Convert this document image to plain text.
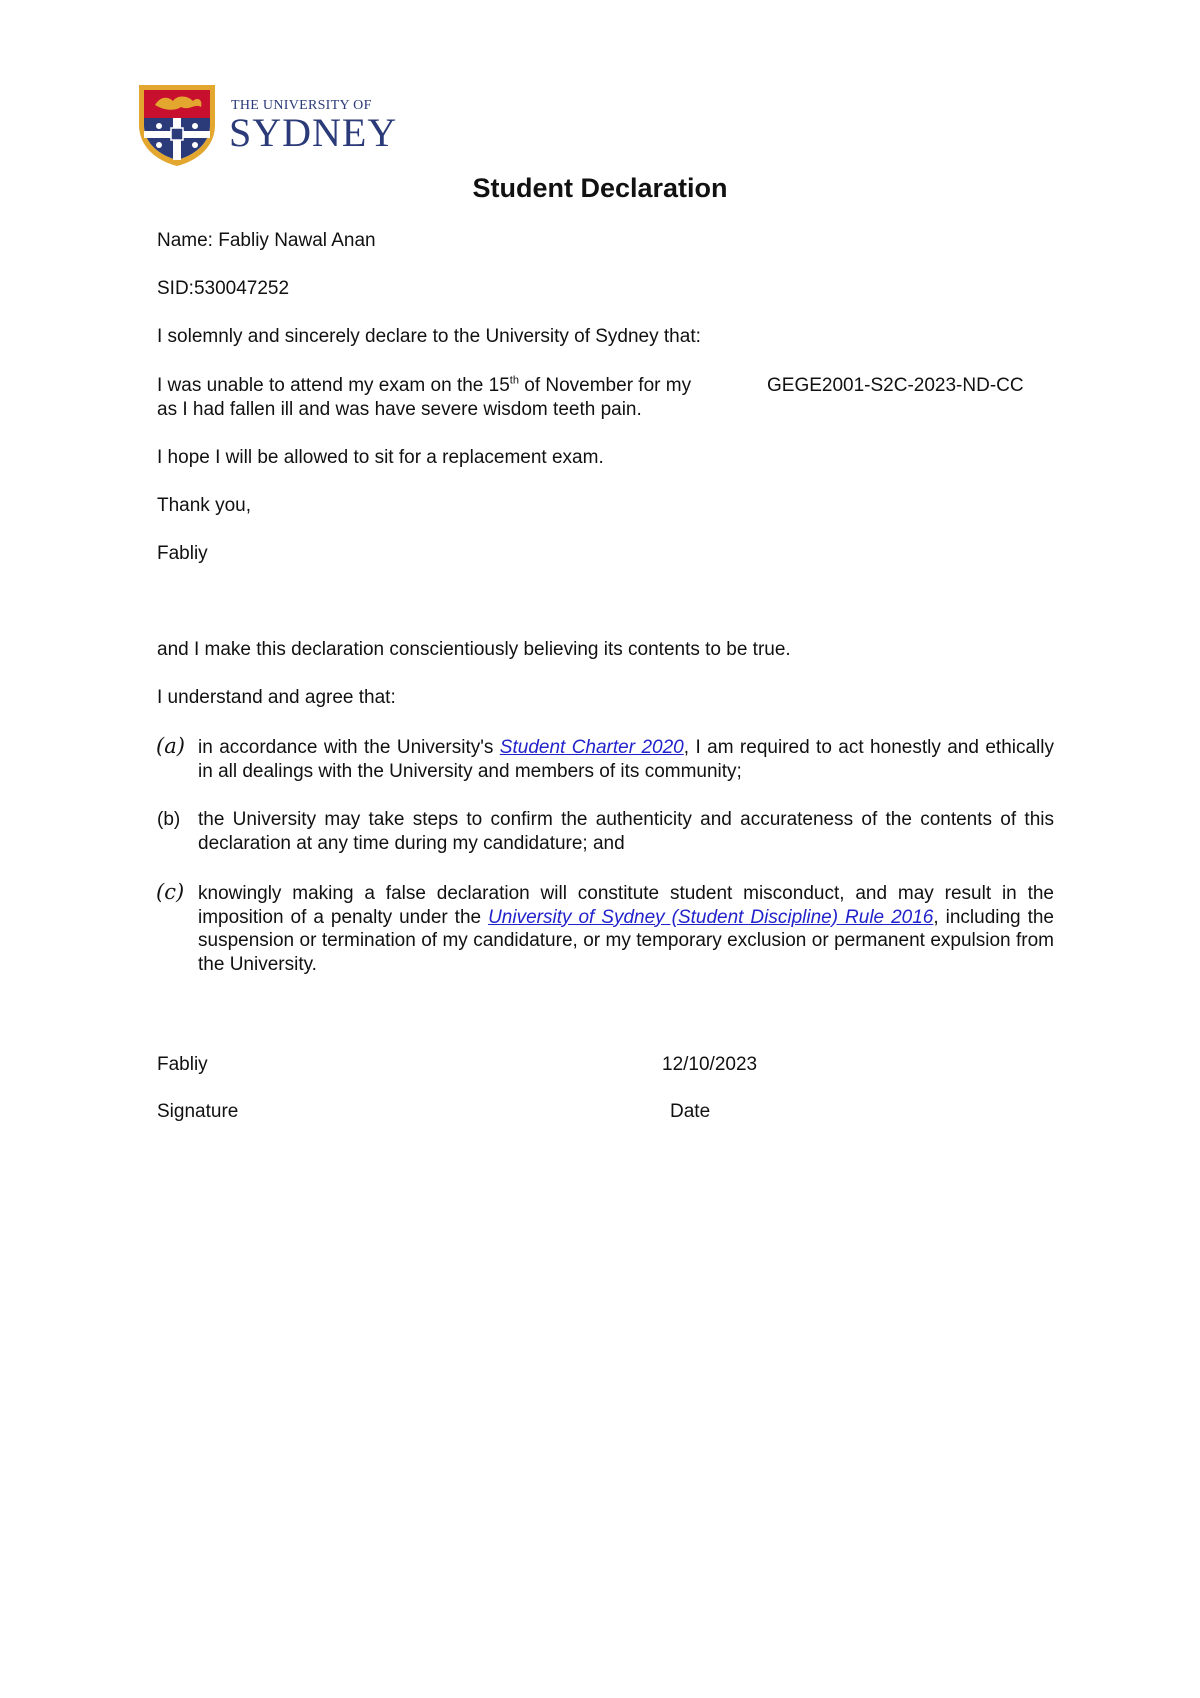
THE UNIVERSITY OF
SYDNEY
Student Declaration
Name: Fabliy Nawal Anan
SID:530047252
I solemnly and sincerely declare to the University of Sydney that:
I was unable to attend my exam on the 15th of November for my	GEGE2001-S2C-2023-ND-CC
as I had fallen ill and was have severe wisdom teeth pain.
I hope I will be allowed to sit for a replacement exam.
Thank you,
Fabliy
and I make this declaration conscientiously believing its contents to be true.
I understand and agree that:
(a) in accordance with the University's Student Charter 2020, I am required to act honestly and ethically in all dealings with the University and members of its community;
(b) the University may take steps to confirm the authenticity and accurateness of the contents of this declaration at any time during my candidature; and
(c) knowingly making a false declaration will constitute student misconduct, and may result in the imposition of a penalty under the University of Sydney (Student Discipline) Rule 2016, including the suspension or termination of my candidature, or my temporary exclusion or permanent expulsion from the University.
Fabliy	12/10/2023
Signature	Date
